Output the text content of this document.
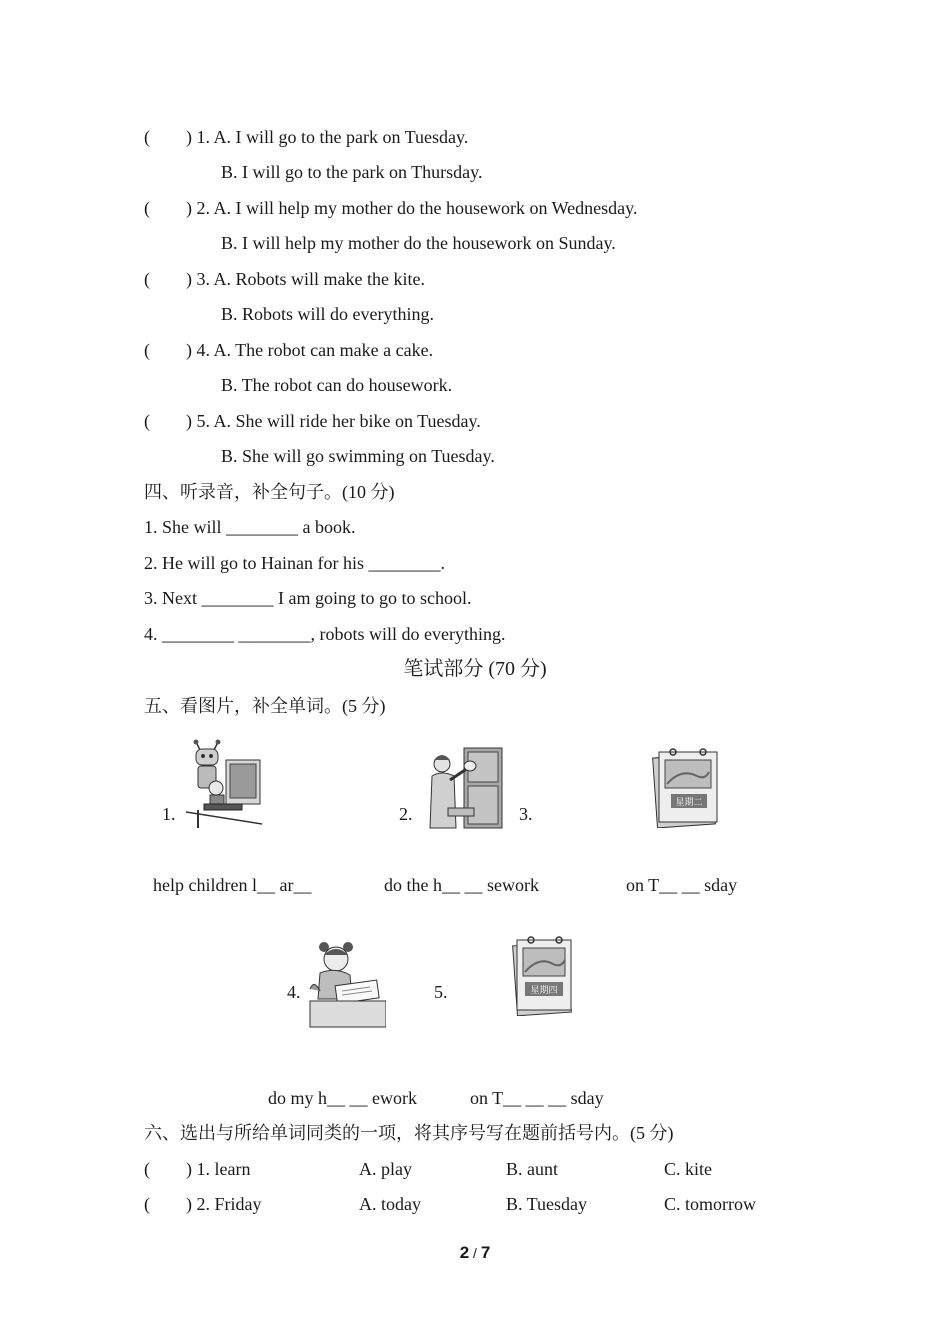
(        ) 1. A. I will go to the park on Tuesday.
B. I will go to the park on Thursday.
(        ) 2. A. I will help my mother do the housework on Wednesday.
B. I will help my mother do the housework on Sunday.
(        ) 3. A. Robots will make the kite.
B. Robots will do everything.
(        ) 4. A. The robot can make a cake.
B. The robot can do housework.
(        ) 5. A. She will ride her bike on Tuesday.
B. She will go swimming on Tuesday.
四、听录音，补全句子。(10 分)
1. She will ________ a book.
2. He will go to Hainan for his ________.
3. Next ________ I am going to go to school.
4. ________ ________, robots will do everything.
笔试部分 (70 分)
五、看图片，补全单词。(5 分)
1.	2.	3.
4.	5.
星期二
星期四
help children l__ ar__	do the h__ __ sework	on T__ __ sday
do my h__ __ ework	on T__ __ __ sday
六、选出与所给单词同类的一项，将其序号写在题前括号内。(5 分)
(        ) 1. learn	A. play	B. aunt	C. kite
(        ) 2. Friday	A. today	B. Tuesday	C. tomorrow
2 / 7
